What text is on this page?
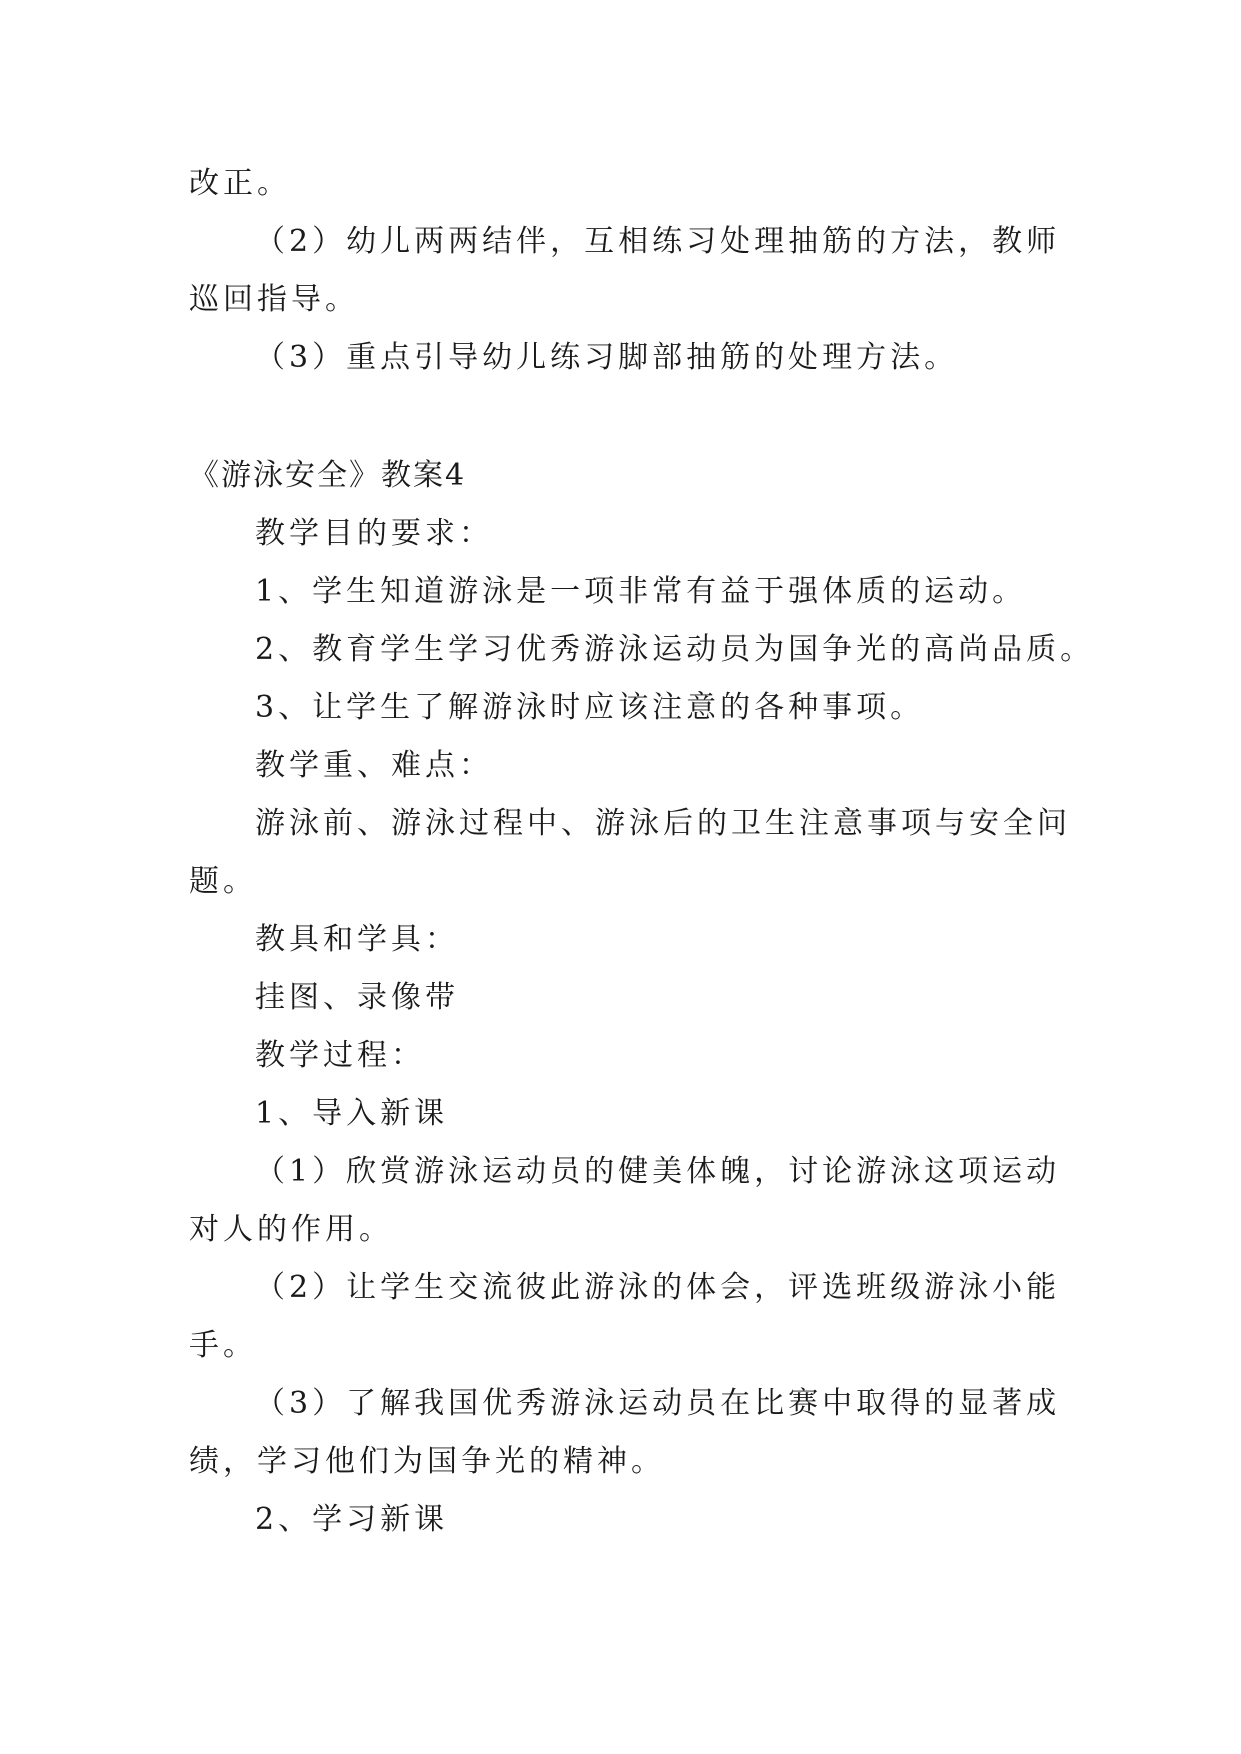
改正。
（2）幼儿两两结伴，互相练习处理抽筋的方法，教师
巡回指导。
（3）重点引导幼儿练习脚部抽筋的处理方法。
《游泳安全》教案4
教学目的要求：
1、学生知道游泳是一项非常有益于强体质的运动。
2、教育学生学习优秀游泳运动员为国争光的高尚品质。
3、让学生了解游泳时应该注意的各种事项。
教学重、难点：
游泳前、游泳过程中、游泳后的卫生注意事项与安全问
题。
教具和学具：
挂图、录像带
教学过程：
1、导入新课
（1）欣赏游泳运动员的健美体魄，讨论游泳这项运动
对人的作用。
（2）让学生交流彼此游泳的体会，评选班级游泳小能
手。
（3）了解我国优秀游泳运动员在比赛中取得的显著成
绩，学习他们为国争光的精神。
2、学习新课
